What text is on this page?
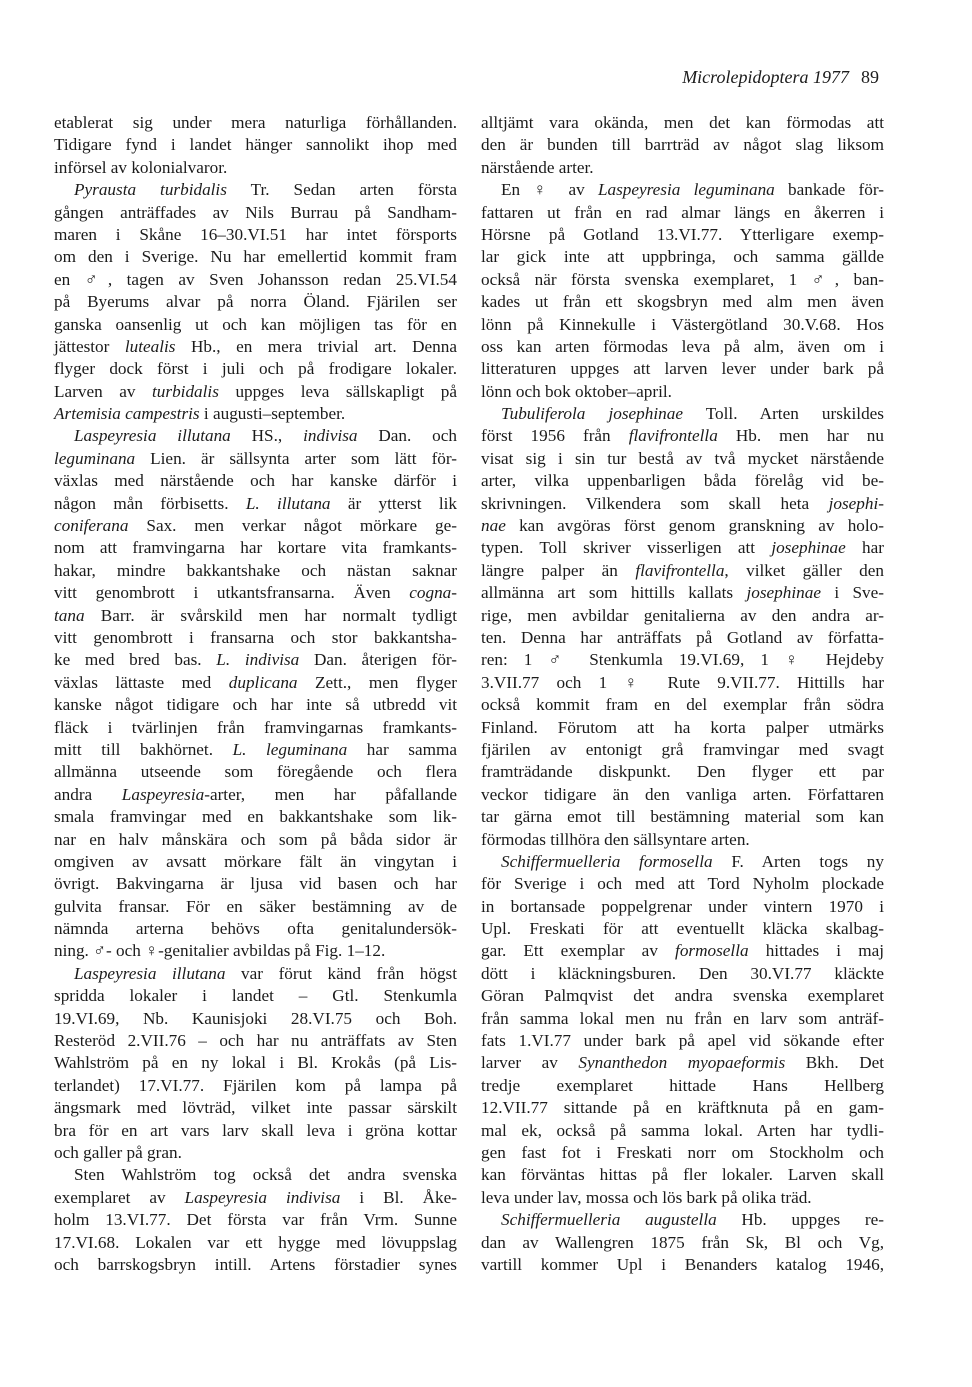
Microlepidoptera 1977 89
etablerat sig under mera naturliga förhållanden.
Tidigare fynd i landet hänger sannolikt ihop med
införsel av kolonialvaror.
Pyrausta turbidalis Tr. Sedan arten första
gången anträffades av Nils Burrau på Sandham-
maren i Skåne 16–30.VI.51 har intet försports
om den i Sverige. Nu har emellertid kommit fram
en ♂, tagen av Sven Johansson redan 25.VI.54
på Byerums alvar på norra Öland. Fjärilen ser
ganska oansenlig ut och kan möjligen tas för en
jättestor lutealis Hb., en mera trivial art. Denna
flyger dock först i juli och på frodigare lokaler.
Larven av turbidalis uppges leva sällskapligt på
Artemisia campestris i augusti–september.
Laspeyresia illutana HS., indivisa Dan. och
leguminana Lien. är sällsynta arter som lätt för-
växlas med närstående och har kanske därför i
någon mån förbisetts. L. illutana är ytterst lik
coniferana Sax. men verkar något mörkare ge-
nom att framvingarna har kortare vita framkants-
hakar, mindre bakkantshake och nästan saknar
vitt genombrott i utkantsfransarna. Även cogna-
tana Barr. är svårskild men har normalt tydligt
vitt genombrott i fransarna och stor bakkantsha-
ke med bred bas. L. indivisa Dan. återigen för-
växlas lättaste med duplicana Zett., men flyger
kanske något tidigare och har inte så utbredd vit
fläck i tvärlinjen från framvingarnas framkants-
mitt till bakhörnet. L. leguminana har samma
allmänna utseende som föregående och flera
andra Laspeyresia-arter, men har påfallande
smala framvingar med en bakkantshake som lik-
nar en halv månskära och som på båda sidor är
omgiven av avsatt mörkare fält än vingytan i
övrigt. Bakvingarna är ljusa vid basen och har
gulvita fransar. För en säker bestämning av de
nämnda arterna behövs ofta genitalundersök-
ning. ♂- och ♀-genitalier avbildas på Fig. 1–12.
Laspeyresia illutana var förut känd från högst
spridda lokaler i landet – Gtl. Stenkumla
19.VI.69, Nb. Kaunisjoki 28.VI.75 och Boh.
Resteröd 2.VII.76 – och har nu anträffats av Sten
Wahlström på en ny lokal i Bl. Krokås (på Lis-
terlandet) 17.VI.77. Fjärilen kom på lampa på
ängsmark med lövträd, vilket inte passar särskilt
bra för en art vars larv skall leva i gröna kottar
och galler på gran.
Sten Wahlström tog också det andra svenska
exemplaret av Laspeyresia indivisa i Bl. Åke-
holm 13.VI.77. Det första var från Vrm. Sunne
17.VI.68. Lokalen var ett hygge med lövuppslag
och barrskogsbryn intill. Artens förstadier synes
alltjämt vara okända, men det kan förmodas att
den är bunden till barrträd av något slag liksom
närstående arter.
En ♀ av Laspeyresia leguminana bankade för-
fattaren ut från en rad almar längs en åkerren i
Hörsne på Gotland 13.VI.77. Ytterligare exemp-
lar gick inte att uppbringa, och samma gällde
också när första svenska exemplaret, 1 ♂, ban-
kades ut från ett skogsbryn med alm men även
lönn på Kinnekulle i Västergötland 30.V.68. Hos
oss kan arten förmodas leva på alm, även om i
litteraturen uppges att larven lever under bark på
lönn och bok oktober–april.
Tubuliferola josephinae Toll. Arten urskildes
först 1956 från flavifrontella Hb. men har nu
visat sig i sin tur bestå av två mycket närstående
arter, vilka uppenbarligen båda förelåg vid be-
skrivningen. Vilkendera som skall heta josephi-
nae kan avgöras först genom granskning av holo-
typen. Toll skriver visserligen att josephinae har
längre palper än flavifrontella, vilket gäller den
allmänna art som hittills kallats josephinae i Sve-
rige, men avbildar genitalierna av den andra ar-
ten. Denna har anträffats på Gotland av författa-
ren: 1 ♂ Stenkumla 19.VI.69, 1 ♀ Hejdeby
3.VII.77 och 1 ♀ Rute 9.VII.77. Hittills har
också kommit fram en del exemplar från södra
Finland. Förutom att ha korta palper utmärks
fjärilen av entonigt grå framvingar med svagt
framträdande diskpunkt. Den flyger ett par
veckor tidigare än den vanliga arten. Författaren
tar gärna emot till bestämning material som kan
förmodas tillhöra den sällsyntare arten.
Schiffermuelleria formosella F. Arten togs ny
för Sverige i och med att Tord Nyholm plockade
in bortansade poppelgrenar under vintern 1970 i
Upl. Freskati för att eventuellt kläcka skalbag-
gar. Ett exemplar av formosella hittades i maj
dött i kläckningsburen. Den 30.VI.77 kläckte
Göran Palmqvist det andra svenska exemplaret
från samma lokal men nu från en larv som anträf-
fats 1.VI.77 under bark på apel vid sökande efter
larver av Synanthedon myopaeformis Bkh. Det
tredje exemplaret hittade Hans Hellberg
12.VII.77 sittande på en kräftknuta på en gam-
mal ek, också på samma lokal. Arten har tydli-
gen fast fot i Freskati norr om Stockholm och
kan förväntas hittas på fler lokaler. Larven skall
leva under lav, mossa och lös bark på olika träd.
Schiffermuelleria augustella Hb. uppges re-
dan av Wallengren 1875 från Sk, Bl och Vg,
vartill kommer Upl i Benanders katalog 1946,
